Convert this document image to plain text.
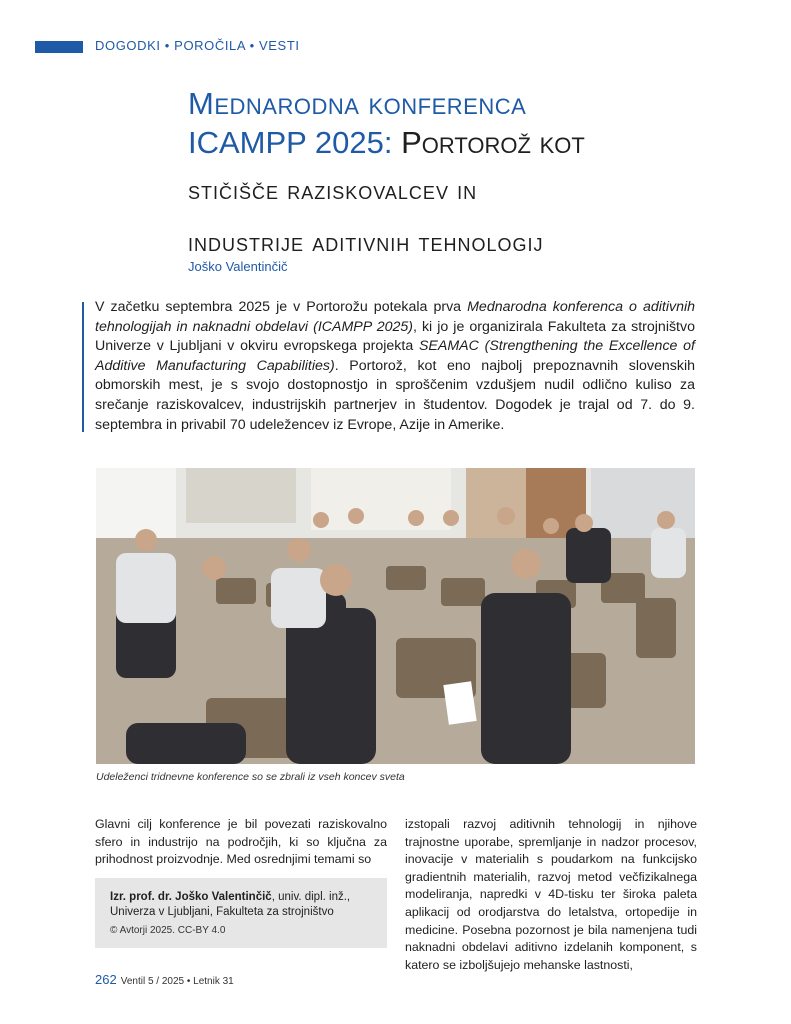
DOGODKI • POROČILA • VESTI
Mednarodna konferenca
ICAMPP 2025: Portorož kot
stičišče raziskovalcev in
industrije aditivnih tehnologij
Joško Valentinčič

V začetku septembra 2025 je v Portorožu potekala prva Mednarodna konferenca o aditivnih tehnologijah in naknadni obdelavi (ICAMPP 2025), ki jo je organizirala Fakulteta za strojništvo Univerze v Ljubljani v okviru evropskega projekta SEAMAC (Strengthening the Excellence of Additive Manufacturing Capabilities). Portorož, kot eno najbolj prepoznavnih slovenskih obmorskih mest, je s svojo dostopnostjo in sproščenim vzdušjem nudil odlično kuliso za srečanje raziskovalcev, industrijskih partnerjev in študentov. Dogodek je trajal od 7. do 9. septembra in privabil 70 udeležencev iz Evrope, Azije in Amerike.

Udeleženci tridnevne konference so se zbrali iz vseh koncev sveta

Glavni cilj konference je bil povezati raziskovalno sfero in industrijo na področjih, ki so ključna za prihodnost proizvodnje. Med osrednjimi temami so

izstopali razvoj aditivnih tehnologij in njihove trajnostne uporabe, spremljanje in nadzor procesov, inovacije v materialih s poudarkom na funkcijsko gradientnih materialih, razvoj metod večfizikalnega modeliranja, napredki v 4D-tisku ter široka paleta aplikacij od orodjarstva do letalstva, ortopedije in medicine. Posebna pozornost je bila namenjena tudi naknadni obdelavi aditivno izdelanih komponent, s katero se izboljšujejo mehanske lastnosti,

Izr. prof. dr. Joško Valentinčič, univ. dipl. inž., Univerza v Ljubljani, Fakulteta za strojništvo
© Avtorji 2025. CC-BY 4.0
262 Ventil 5 / 2025 • Letnik 31
